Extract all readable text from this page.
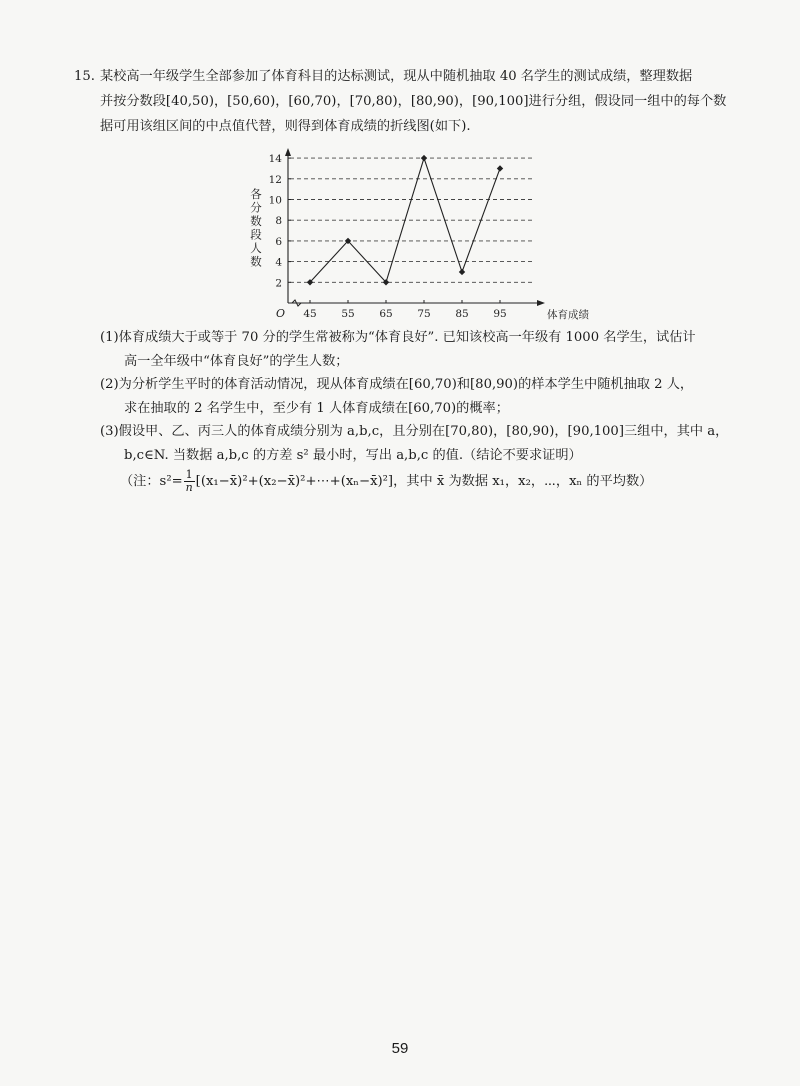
15. 某校高一年级学生全部参加了体育科目的达标测试，现从中随机抽取 40 名学生的测试成绩，整理数据
并按分数段[40,50)，[50,60)，[60,70)，[70,80)，[80,90)，[90,100]进行分组，假设同一组中的每个数
据可用该组区间的中点值代替，则得到体育成绩的折线图(如下).
45 55 65 75 85 95
2
4
6
8
10
12
14
O	体育成绩
各
分
数
段
人
数
(1)体育成绩大于或等于 70 分的学生常被称为“体育良好”. 已知该校高一年级有 1000 名学生，试估计
高一全年级中“体育良好”的学生人数；
(2)为分析学生平时的体育活动情况，现从体育成绩在[60,70)和[80,90)的样本学生中随机抽取 2 人，
求在抽取的 2 名学生中，至少有 1 人体育成绩在[60,70)的概率；
(3)假设甲、乙、丙三人的体育成绩分别为 a,b,c，且分别在[70,80)，[80,90)，[90,100]三组中，其中 a，
b,c∈N. 当数据 a,b,c 的方差 s² 最小时，写出 a,b,c 的值.（结论不要求证明）
（注：$s^2= \frac{1}{n}$ [(x₁−x̄)²+(x₂−x̄)²+⋯+(xₙ−x̄)²]，其中 x̄ 为数据 x₁，x₂，⋯，xₙ 的平均数）
59
